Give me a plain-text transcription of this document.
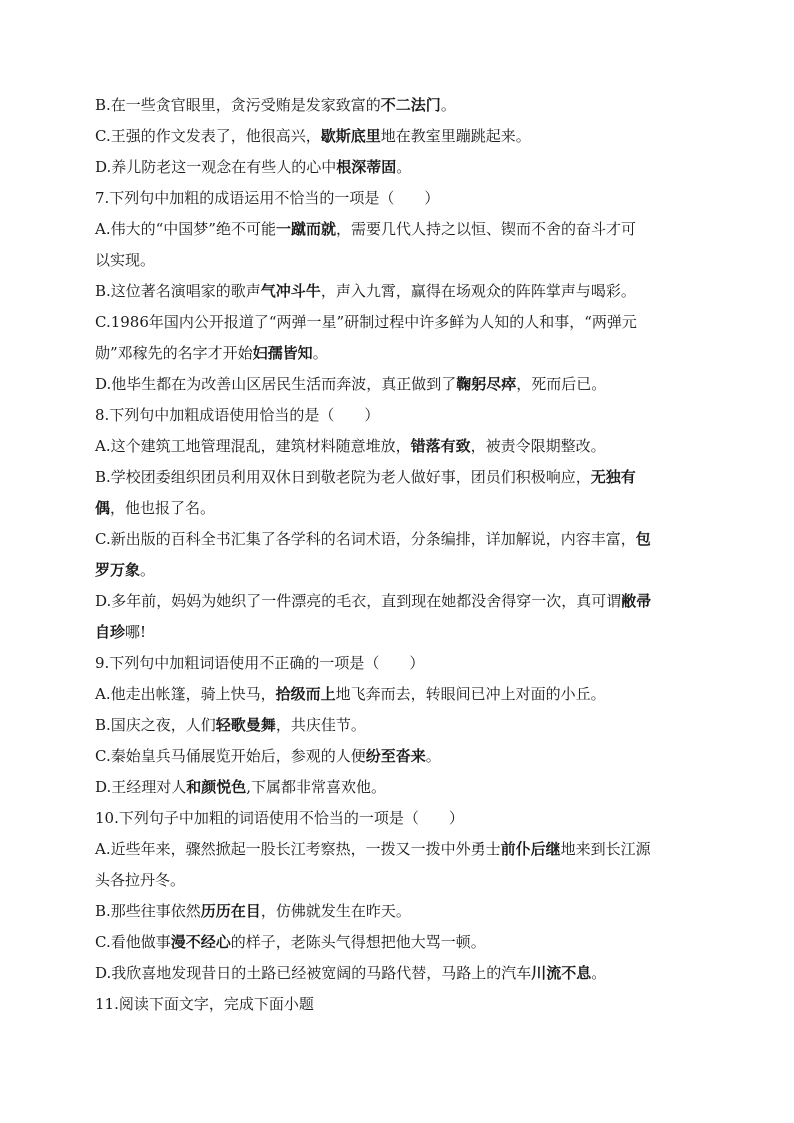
B.在一些贪官眼里，贪污受贿是发家致富的不二法门。

C.王强的作文发表了，他很高兴，歇斯底里地在教室里蹦跳起来。

D.养儿防老这一观念在有些人的心中根深蒂固。

7.下列句中加粗的成语运用不恰当的一项是（　　）

A.伟大的“中国梦”绝不可能一蹴而就，需要几代人持之以恒、锲而不舍的奋斗才可

以实现。

B.这位著名演唱家的歌声气冲斗牛，声入九霄，赢得在场观众的阵阵掌声与喝彩。

C.1986年国内公开报道了“两弹一星”研制过程中许多鲜为人知的人和事，“两弹元

勋”邓稼先的名字才开始妇孺皆知。

D.他毕生都在为改善山区居民生活而奔波，真正做到了鞠躬尽瘁，死而后已。

8.下列句中加粗成语使用恰当的是（　　）

A.这个建筑工地管理混乱，建筑材料随意堆放，错落有致，被责令限期整改。

B.学校团委组织团员利用双休日到敬老院为老人做好事，团员们积极响应，无独有

偶，他也报了名。

C.新出版的百科全书汇集了各学科的名词术语，分条编排，详加解说，内容丰富，包

罗万象。

D.多年前，妈妈为她织了一件漂亮的毛衣，直到现在她都没舍得穿一次，真可谓敝帚

自珍哪!

9.下列句中加粗词语使用不正确的一项是（　　）

A.他走出帐篷，骑上快马，拾级而上地飞奔而去，转眼间已冲上对面的小丘。

B.国庆之夜，人们轻歌曼舞，共庆佳节。

C.秦始皇兵马俑展览开始后，参观的人便纷至沓来。

D.王经理对人和颜悦色,下属都非常喜欢他。

10.下列句子中加粗的词语使用不恰当的一项是（　　）

A.近些年来，骤然掀起一股长江考察热，一拨又一拨中外勇士前仆后继地来到长江源

头各拉丹冬。

B.那些往事依然历历在目，仿佛就发生在昨天。

C.看他做事漫不经心的样子，老陈头气得想把他大骂一顿。

D.我欣喜地发现昔日的土路已经被宽阔的马路代替，马路上的汽车川流不息。

11.阅读下面文字，完成下面小题
